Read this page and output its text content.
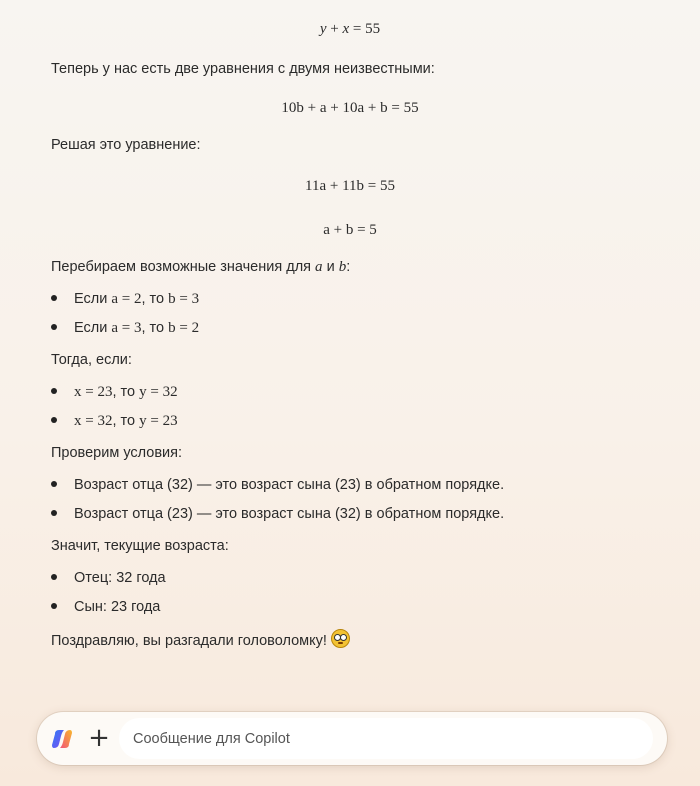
y + x = 55
Теперь у нас есть две уравнения с двумя неизвестными:
10b + a + 10a + b = 55
Решая это уравнение:
11a + 11b = 55
a + b = 5
Перебираем возможные значения для a и b:
Если a = 2, то b = 3
Если a = 3, то b = 2
Тогда, если:
x = 23, то y = 32
x = 32, то y = 23
Проверим условия:
Возраст отца (32) — это возраст сына (23) в обратном порядке.
Возраст отца (23) — это возраст сына (32) в обратном порядке.
Значит, текущие возраста:
Отец: 32 года
Сын: 23 года
Поздравляю, вы разгадали головоломку!
+
Сообщение для Copilot
